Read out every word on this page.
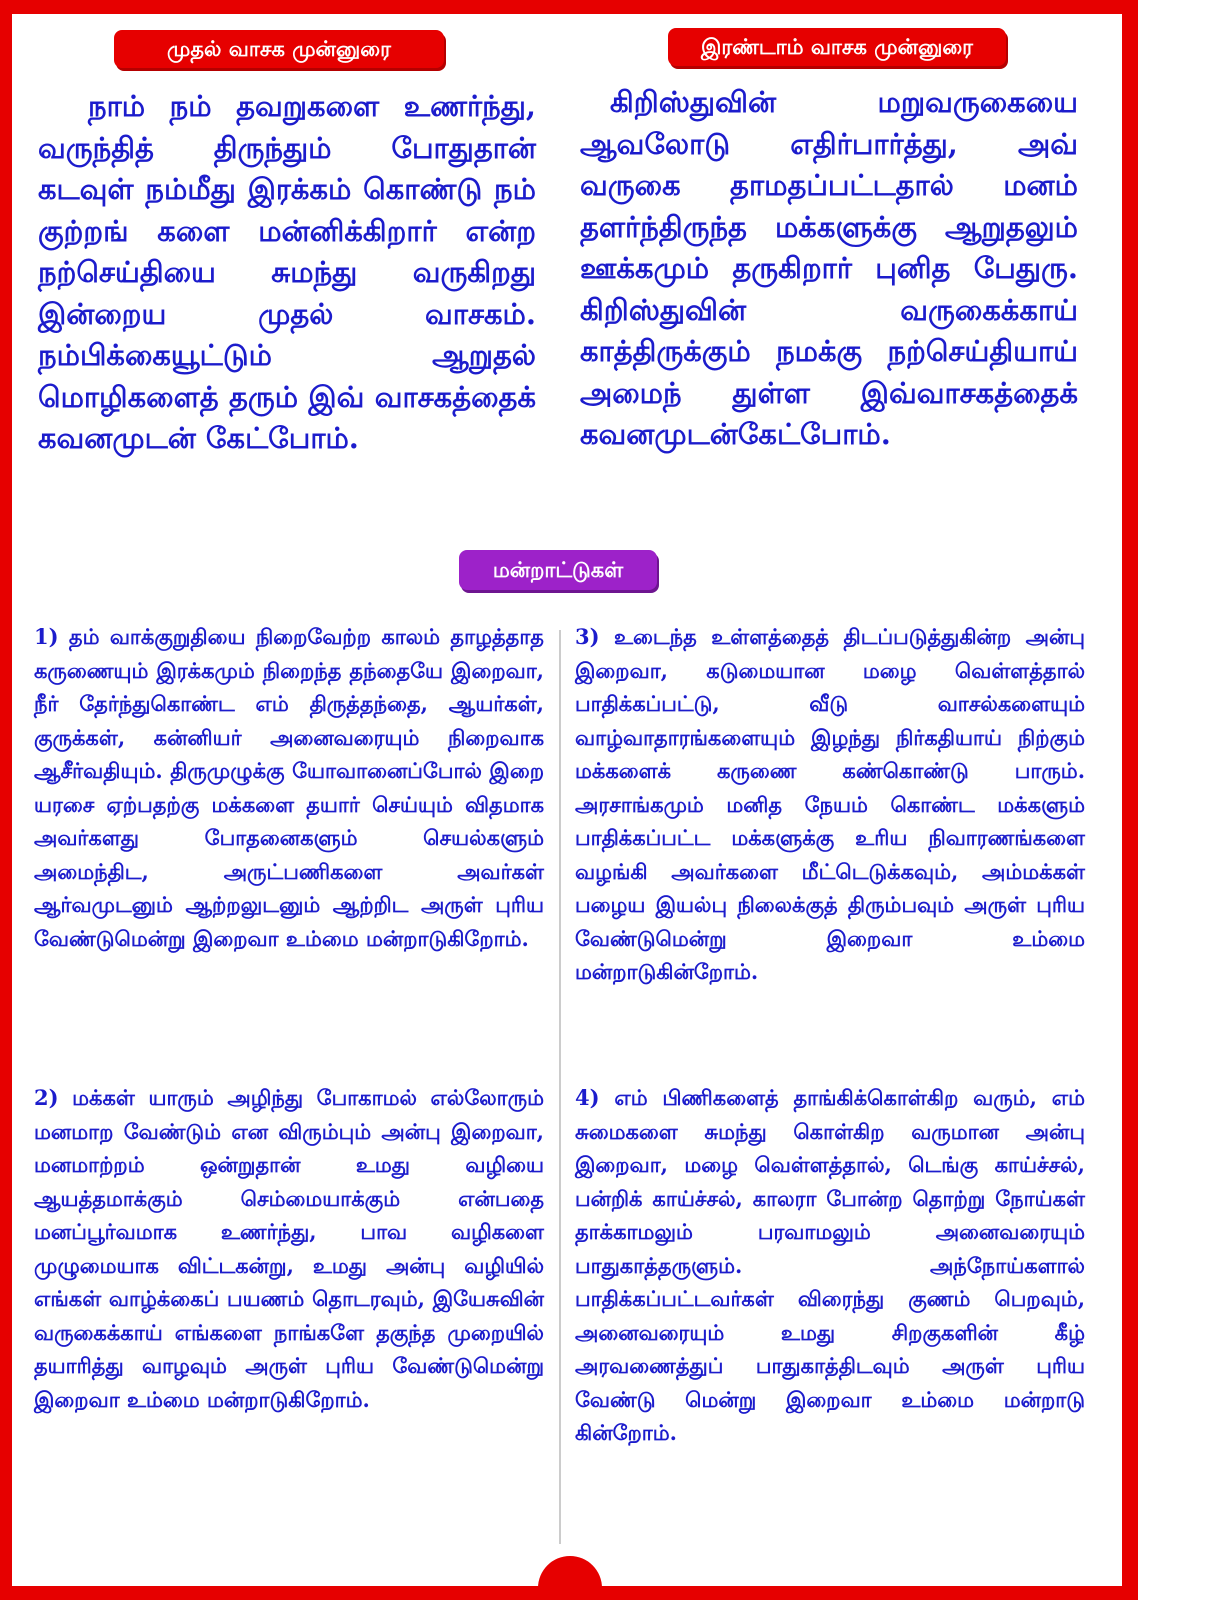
முதல் வாசக முன்னுரை	இரண்டாம் வாசக முன்னுரை

நாம் நம் தவறுகளை உணர்ந்து, வருந்தித் திருந்தும் போதுதான் கடவுள் நம்மீது இரக்கம் கொண்டு நம் குற்றங் களை மன்னிக்கிறார் என்ற நற்செய்தியை சுமந்து வருகிறது இன்றைய முதல் வாசகம். நம்பிக்கையூட்டும் ஆறுதல் மொழிகளைத் தரும் இவ் வாசகத்தைக் கவனமுடன் கேட்போம்.

கிறிஸ்துவின் மறுவருகையை ஆவலோடு எதிர்பார்த்து, அவ் வருகை தாமதப்பட்டதால் மனம் தளர்ந்திருந்த மக்களுக்கு ஆறுதலும் ஊக்கமும் தருகிறார் புனித பேதுரு. கிறிஸ்துவின் வருகைக்காய் காத்திருக்கும் நமக்கு நற்செய்தியாய் அமைந் துள்ள இவ்வாசகத்தைக் கவனமுடன்கேட்போம்.

மன்றாட்டுகள்

1) தம் வாக்குறுதியை நிறைவேற்ற காலம் தாழத்தாத கருணையும் இரக்கமும் நிறைந்த தந்தையே இறைவா, நீர் தேர்ந்துகொண்ட எம் திருத்தந்தை, ஆயர்கள், குருக்கள், கன்னியர் அனைவரையும் நிறைவாக ஆசீர்வதியும். திருமுழுக்கு யோவானைப்போல் இறை யரசை ஏற்பதற்கு மக்களை தயார் செய்யும் விதமாக அவர்களது போதனைகளும் செயல்களும் அமைந்திட, அருட்பணிகளை அவர்கள் ஆர்வமுடனும் ஆற்றலுடனும் ஆற்றிட அருள் புரிய வேண்டுமென்று இறைவா உம்மை மன்றாடுகிறோம்.

2) மக்கள் யாரும் அழிந்து போகாமல் எல்லோரும் மனமாற வேண்டும் என விரும்பும் அன்பு இறைவா, மனமாற்றம் ஒன்றுதான் உமது வழியை ஆயத்தமாக்கும் செம்மையாக்கும் என்பதை மனப்பூர்வமாக உணர்ந்து, பாவ வழிகளை முழுமையாக விட்டகன்று, உமது அன்பு வழியில் எங்கள் வாழ்க்கைப் பயணம் தொடரவும், இயேசுவின் வருகைக்காய் எங்களை நாங்களே தகுந்த முறையில் தயாரித்து வாழவும் அருள் புரிய வேண்டுமென்று இறைவா உம்மை மன்றாடுகிறோம்.

3) உடைந்த உள்ளத்தைத் திடப்படுத்துகின்ற அன்பு இறைவா, கடுமையான மழை வெள்ளத்தால் பாதிக்கப்பட்டு, வீடு வாசல்களையும் வாழ்வாதாரங்களையும் இழந்து நிர்கதியாய் நிற்கும் மக்களைக் கருணை கண்கொண்டு பாரும். அரசாங்கமும் மனித நேயம் கொண்ட மக்களும் பாதிக்கப்பட்ட மக்களுக்கு உரிய நிவாரணங்களை வழங்கி அவர்களை மீட்டெடுக்கவும், அம்மக்கள் பழைய இயல்பு நிலைக்குத் திரும்பவும் அருள் புரிய வேண்டுமென்று இறைவா உம்மை மன்றாடுகின்றோம்.

4) எம் பிணிகளைத் தாங்கிக்கொள்கிற வரும், எம் சுமைகளை சுமந்து கொள்கிற வருமான அன்பு இறைவா, மழை வெள்ளத்தால், டெங்கு காய்ச்சல், பன்றிக் காய்ச்சல், காலரா போன்ற தொற்று நோய்கள் தாக்காமலும் பரவாமலும் அனைவரையும் பாதுகாத்தருளும். அந்நோய்களால் பாதிக்கப்பட்டவர்கள் விரைந்து குணம் பெறவும், அனைவரையும் உமது சிறகுகளின் கீழ் அரவணைத்துப் பாதுகாத்திடவும் அருள் புரிய வேண்டு மென்று இறைவா உம்மை மன்றாடு கின்றோம்.
